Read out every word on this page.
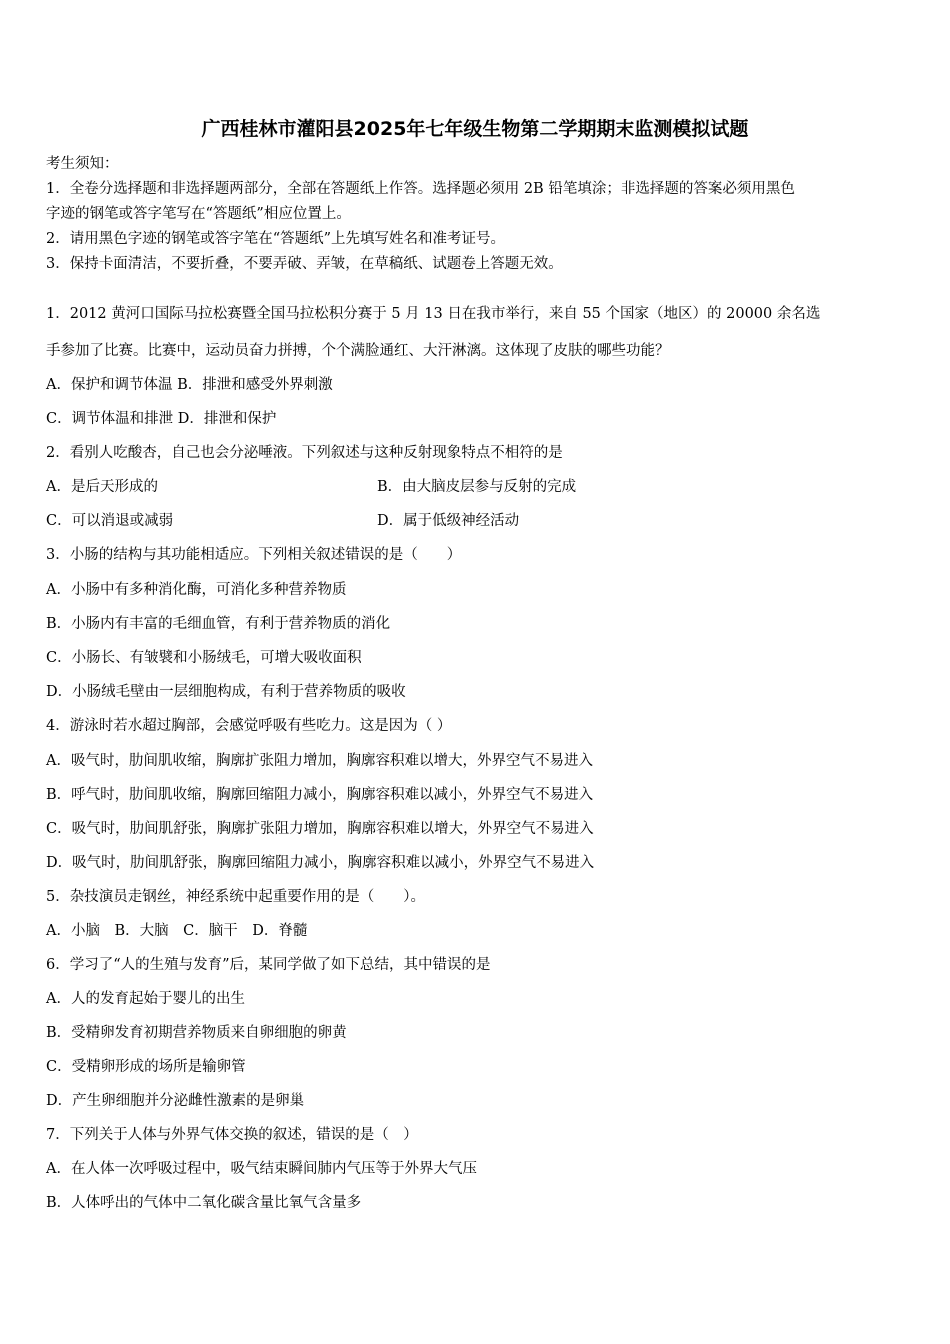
广西桂林市灌阳县2025年七年级生物第二学期期末监测模拟试题
考生须知：
1．全卷分选择题和非选择题两部分，全部在答题纸上作答。选择题必须用 2B 铅笔填涂；非选择题的答案必须用黑色
字迹的钢笔或答字笔写在“答题纸”相应位置上。
2．请用黑色字迹的钢笔或答字笔在“答题纸”上先填写姓名和准考证号。
3．保持卡面清洁，不要折叠，不要弄破、弄皱，在草稿纸、试题卷上答题无效。
1．2012 黄河口国际马拉松赛暨全国马拉松积分赛于 5 月 13 日在我市举行，来自 55 个国家（地区）的 20000 余名选
手参加了比赛。比赛中，运动员奋力拼搏，个个满脸通红、大汗淋漓。这体现了皮肤的哪些功能？
A．保护和调节体温 B．排泄和感受外界刺激
C．调节体温和排泄 D．排泄和保护
2．看别人吃酸杏，自己也会分泌唾液。下列叙述与这种反射现象特点不相符的是
A．是后天形成的	B．由大脑皮层参与反射的完成
C．可以消退或减弱	D．属于低级神经活动
3．小肠的结构与其功能相适应。下列相关叙述错误的是（　　）
A．小肠中有多种消化酶，可消化多种营养物质
B．小肠内有丰富的毛细血管，有利于营养物质的消化
C．小肠长、有皱襞和小肠绒毛，可增大吸收面积
D．小肠绒毛壁由一层细胞构成，有利于营养物质的吸收
4．游泳时若水超过胸部，会感觉呼吸有些吃力。这是因为（ ）
A．吸气时，肋间肌收缩，胸廓扩张阻力增加，胸廓容积难以增大，外界空气不易进入
B．呼气时，肋间肌收缩，胸廓回缩阻力减小，胸廓容积难以减小，外界空气不易进入
C．吸气时，肋间肌舒张，胸廓扩张阻力增加，胸廓容积难以增大，外界空气不易进入
D．吸气时，肋间肌舒张，胸廓回缩阻力减小，胸廓容积难以减小，外界空气不易进入
5．杂技演员走钢丝，神经系统中起重要作用的是（　　）。
A．小脑　B．大脑　C．脑干　D．脊髓
6．学习了“人的生殖与发育”后，某同学做了如下总结，其中错误的是
A．人的发育起始于婴儿的出生
B．受精卵发育初期营养物质来自卵细胞的卵黄
C．受精卵形成的场所是输卵管
D．产生卵细胞并分泌雌性激素的是卵巢
7．下列关于人体与外界气体交换的叙述，错误的是（　）
A．在人体一次呼吸过程中，吸气结束瞬间肺内气压等于外界大气压
B．人体呼出的气体中二氧化碳含量比氧气含量多
